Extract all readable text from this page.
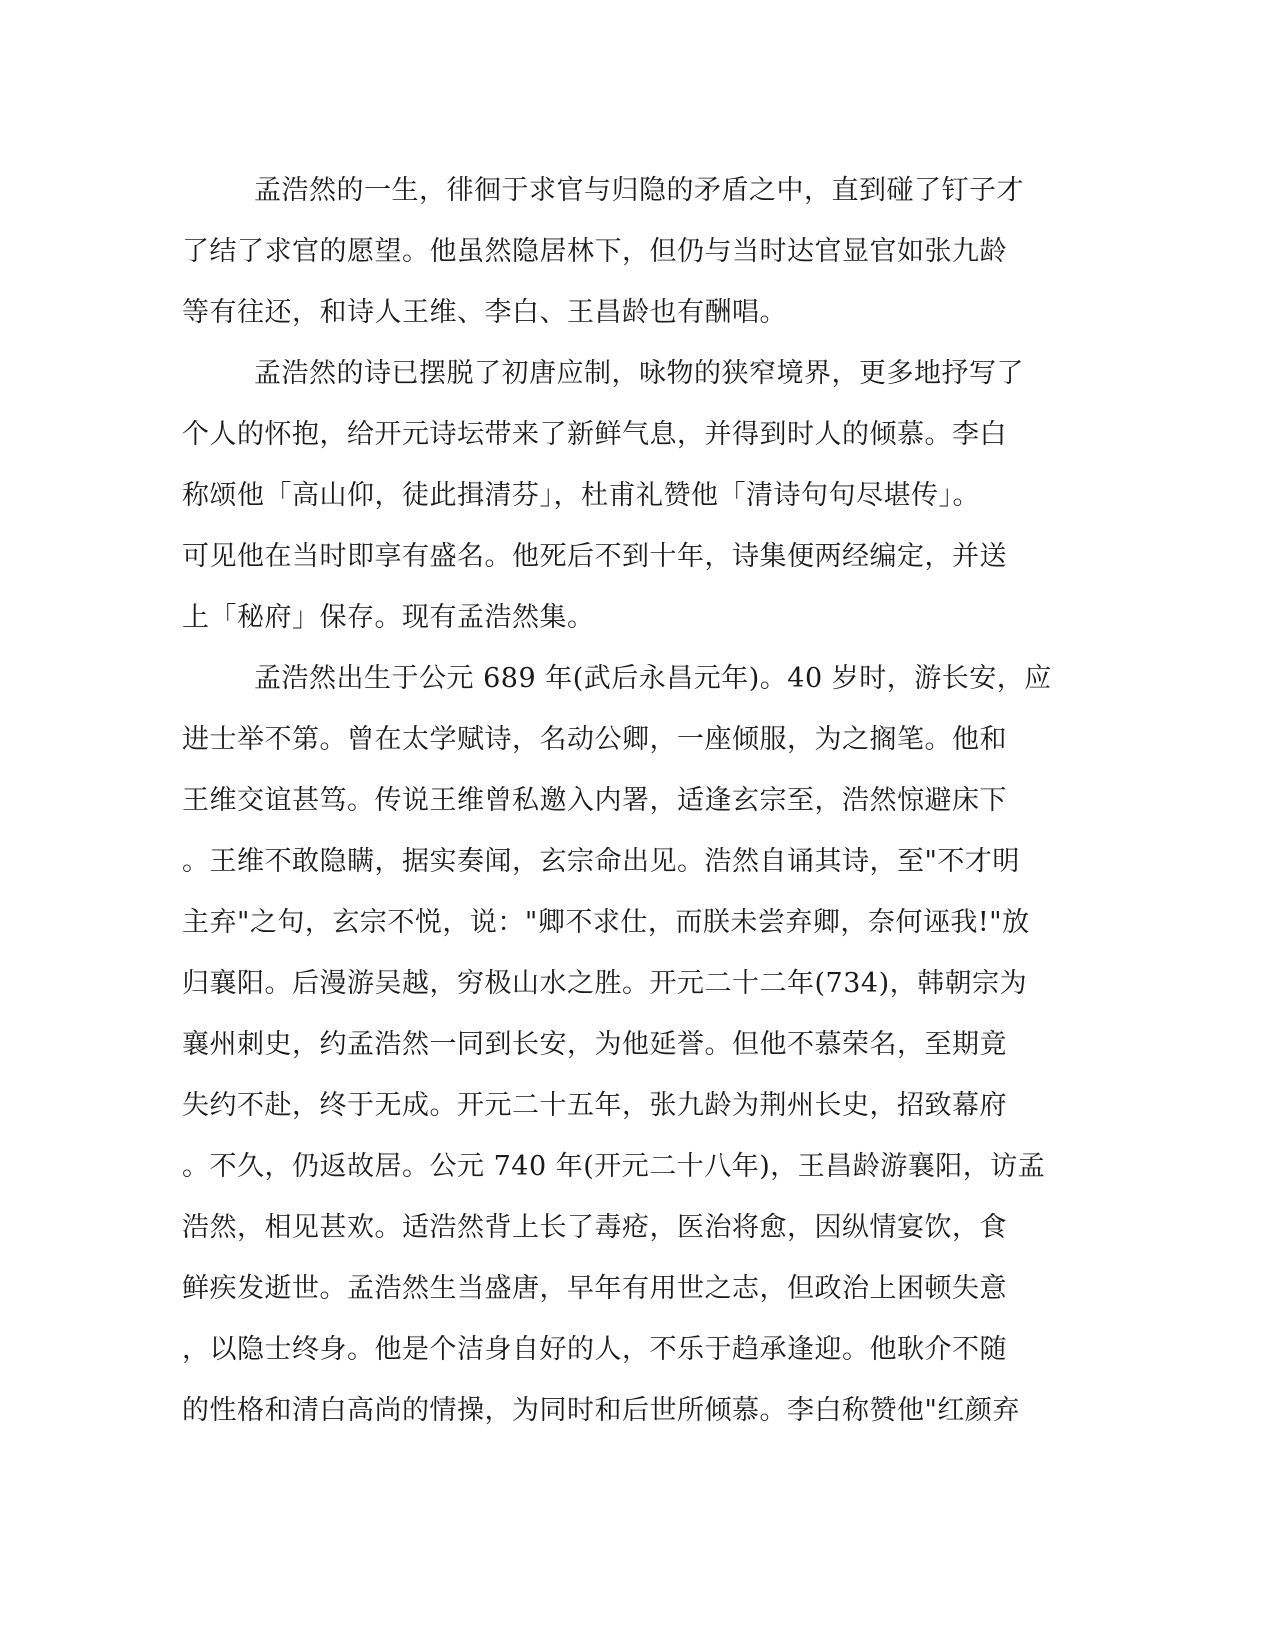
孟浩然的一生，徘徊于求官与归隐的矛盾之中，直到碰了钉子才
了结了求官的愿望。他虽然隐居林下，但仍与当时达官显官如张九龄
等有往还，和诗人王维、李白、王昌龄也有酬唱。
孟浩然的诗已摆脱了初唐应制，咏物的狭窄境界，更多地抒写了
个人的怀抱，给开元诗坛带来了新鲜气息，并得到时人的倾慕。李白
称颂他「高山仰，徒此揖清芬」，杜甫礼赞他「清诗句句尽堪传」。
可见他在当时即享有盛名。他死后不到十年，诗集便两经编定，并送
上「秘府」保存。现有孟浩然集。
孟浩然出生于公元 689 年(武后永昌元年)。40 岁时，游长安，应
进士举不第。曾在太学赋诗，名动公卿，一座倾服，为之搁笔。他和
王维交谊甚笃。传说王维曾私邀入内署，适逢玄宗至，浩然惊避床下
。王维不敢隐瞒，据实奏闻，玄宗命出见。浩然自诵其诗，至"不才明
主弃"之句，玄宗不悦，说："卿不求仕，而朕未尝弃卿，奈何诬我!"放
归襄阳。后漫游吴越，穷极山水之胜。开元二十二年(734)，韩朝宗为
襄州刺史，约孟浩然一同到长安，为他延誉。但他不慕荣名，至期竟
失约不赴，终于无成。开元二十五年，张九龄为荆州长史，招致幕府
。不久，仍返故居。公元 740 年(开元二十八年)，王昌龄游襄阳，访孟
浩然，相见甚欢。适浩然背上长了毒疮，医治将愈，因纵情宴饮，食
鲜疾发逝世。孟浩然生当盛唐，早年有用世之志，但政治上困顿失意
，以隐士终身。他是个洁身自好的人，不乐于趋承逢迎。他耿介不随
的性格和清白高尚的情操，为同时和后世所倾慕。李白称赞他"红颜弃
